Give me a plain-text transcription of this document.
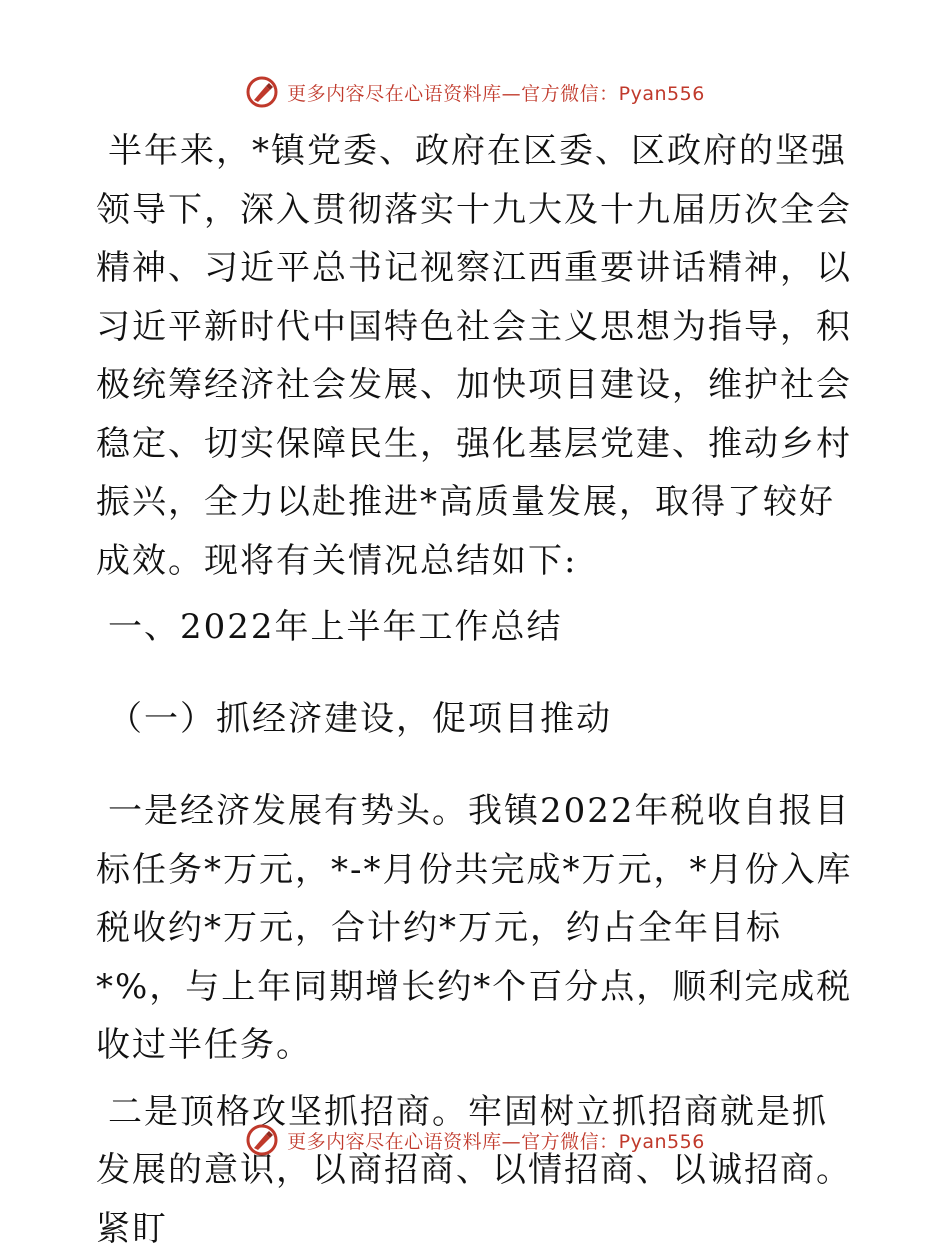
更多内容尽在心语资料库—官方微信：Pyan556

半年来，*镇党委、政府在区委、区政府的坚强领导下，深入贯彻落实十九大及十九届历次全会精神、习近平总书记视察江西重要讲话精神，以习近平新时代中国特色社会主义思想为指导，积极统筹经济社会发展、加快项目建设，维护社会稳定、切实保障民生，强化基层党建、推动乡村振兴，全力以赴推进*高质量发展，取得了较好成效。现将有关情况总结如下:

一、2022年上半年工作总结

（一）抓经济建设，促项目推动

一是经济发展有势头。我镇2022年税收自报目标任务*万元，*-*月份共完成*万元，*月份入库税收约*万元，合计约*万元，约占全年目标*%，与上年同期增长约*个百分点，顺利完成税收过半任务。

二是顶格攻坚抓招商。牢固树立抓招商就是抓发展的意识，以商招商、以情招商、以诚招商。紧盯

更多内容尽在心语资料库—官方微信：Pyan556
